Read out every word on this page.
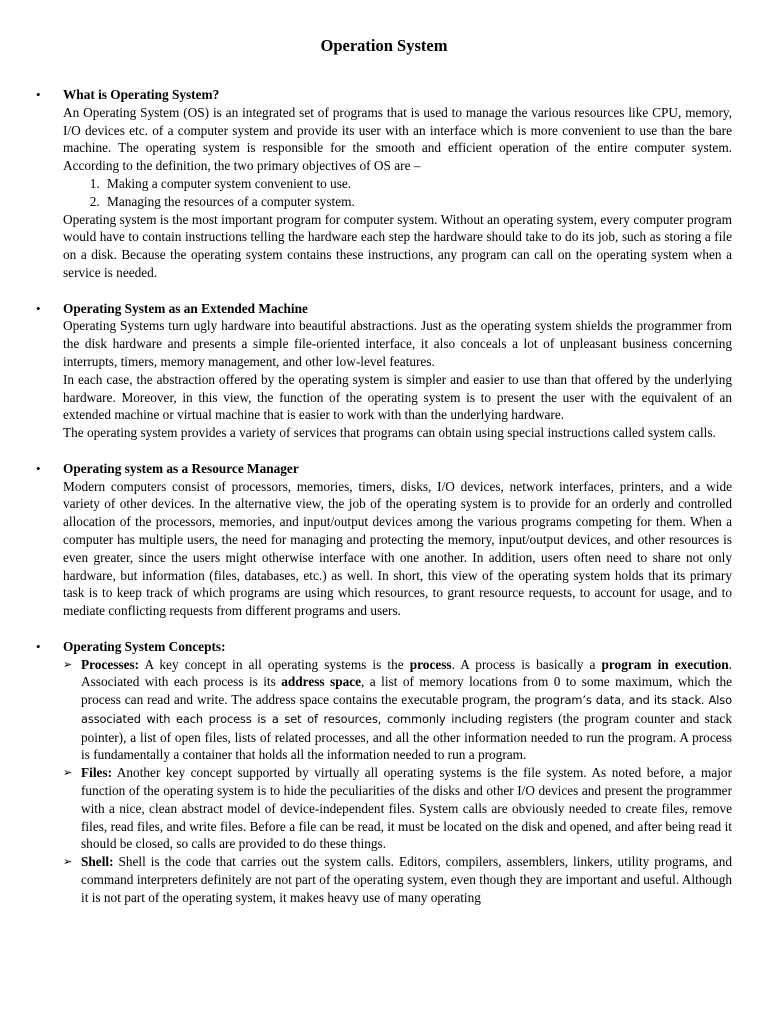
Operation System
•	What is Operating System?

An Operating System (OS) is an integrated set of programs that is used to manage the various resources like CPU, memory, I/O devices etc. of a computer system and provide its user with an interface which is more convenient to use than the bare machine. The operating system is responsible for the smooth and efficient operation of the entire computer system. According to the definition, the two primary objectives of OS are –

1. Making a computer system convenient to use.
2. Managing the resources of a computer system.

Operating system is the most important program for computer system. Without an operating system, every computer program would have to contain instructions telling the hardware each step the hardware should take to do its job, such as storing a file on a disk. Because the operating system contains these instructions, any program can call on the operating system when a service is needed.

•	Operating System as an Extended Machine

Operating Systems turn ugly hardware into beautiful abstractions. Just as the operating system shields the programmer from the disk hardware and presents a simple file-oriented interface, it also conceals a lot of unpleasant business concerning interrupts, timers, memory management, and other low-level features.

In each case, the abstraction offered by the operating system is simpler and easier to use than that offered by the underlying hardware. Moreover, in this view, the function of the operating system is to present the user with the equivalent of an extended machine or virtual machine that is easier to work with than the underlying hardware.

The operating system provides a variety of services that programs can obtain using special instructions called system calls.

•	Operating system as a Resource Manager

Modern computers consist of processors, memories, timers, disks, I/O devices, network interfaces, printers, and a wide variety of other devices. In the alternative view, the job of the operating system is to provide for an orderly and controlled allocation of the processors, memories, and input/output devices among the various programs competing for them. When a computer has multiple users, the need for managing and protecting the memory, input/output devices, and other resources is even greater, since the users might otherwise interface with one another. In addition, users often need to share not only hardware, but information (files, databases, etc.) as well. In short, this view of the operating system holds that its primary task is to keep track of which programs are using which resources, to grant resource requests, to account for usage, and to mediate conflicting requests from different programs and users.

•	Operating System Concepts:
➢ Processes: A key concept in all operating systems is the process. A process is basically a program in execution. Associated with each process is its address space, a list of memory locations from 0 to some maximum, which the process can read and write. The address space contains the executable program, the program’s data, and its stack. Also associated with each process is a set of resources, commonly including registers (the program counter and stack pointer), a list of open files, lists of related processes, and all the other information needed to run the program. A process is fundamentally a container that holds all the information needed to run a program.
➢ Files: Another key concept supported by virtually all operating systems is the file system. As noted before, a major function of the operating system is to hide the peculiarities of the disks and other I/O devices and present the programmer with a nice, clean abstract model of device-independent files. System calls are obviously needed to create files, remove files, read files, and write files. Before a file can be read, it must be located on the disk and opened, and after being read it should be closed, so calls are provided to do these things.
➢ Shell: Shell is the code that carries out the system calls. Editors, compilers, assemblers, linkers, utility programs, and command interpreters definitely are not part of the operating system, even though they are important and useful. Although it is not part of the operating system, it makes heavy use of many operating
